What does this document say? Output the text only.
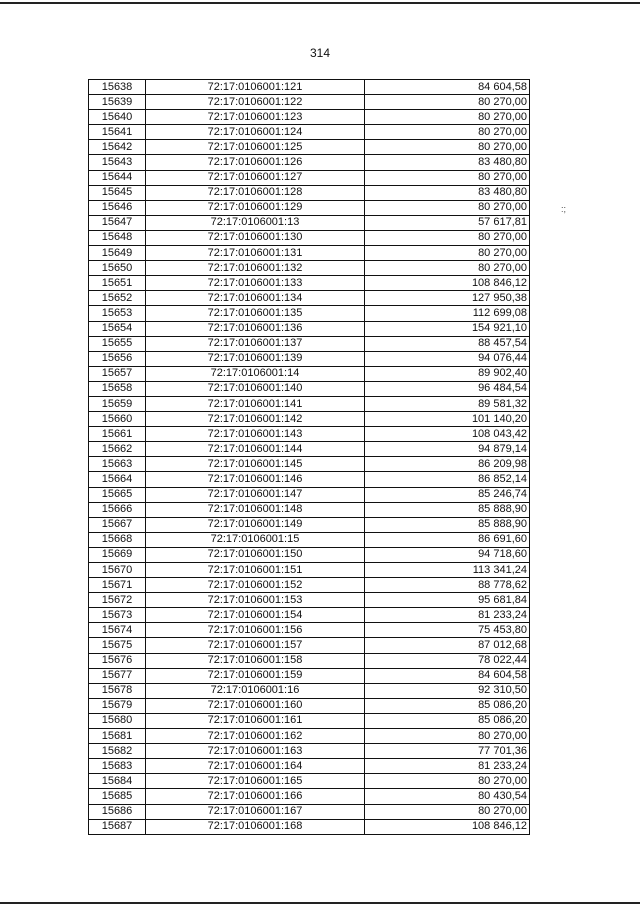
314
:;
15638	72:17:0106001:121	84 604,58
15639	72:17:0106001:122	80 270,00
15640	72:17:0106001:123	80 270,00
15641	72:17:0106001:124	80 270,00
15642	72:17:0106001:125	80 270,00
15643	72:17:0106001:126	83 480,80
15644	72:17:0106001:127	80 270,00
15645	72:17:0106001:128	83 480,80
15646	72:17:0106001:129	80 270,00
15647	72:17:0106001:13	57 617,81
15648	72:17:0106001:130	80 270,00
15649	72:17:0106001:131	80 270,00
15650	72:17:0106001:132	80 270,00
15651	72:17:0106001:133	108 846,12
15652	72:17:0106001:134	127 950,38
15653	72:17:0106001:135	112 699,08
15654	72:17:0106001:136	154 921,10
15655	72:17:0106001:137	88 457,54
15656	72:17:0106001:139	94 076,44
15657	72:17:0106001:14	89 902,40
15658	72:17:0106001:140	96 484,54
15659	72:17:0106001:141	89 581,32
15660	72:17:0106001:142	101 140,20
15661	72:17:0106001:143	108 043,42
15662	72:17:0106001:144	94 879,14
15663	72:17:0106001:145	86 209,98
15664	72:17:0106001:146	86 852,14
15665	72:17:0106001:147	85 246,74
15666	72:17:0106001:148	85 888,90
15667	72:17:0106001:149	85 888,90
15668	72:17:0106001:15	86 691,60
15669	72:17:0106001:150	94 718,60
15670	72:17:0106001:151	113 341,24
15671	72:17:0106001:152	88 778,62
15672	72:17:0106001:153	95 681,84
15673	72:17:0106001:154	81 233,24
15674	72:17:0106001:156	75 453,80
15675	72:17:0106001:157	87 012,68
15676	72:17:0106001:158	78 022,44
15677	72:17:0106001:159	84 604,58
15678	72:17:0106001:16	92 310,50
15679	72:17:0106001:160	85 086,20
15680	72:17:0106001:161	85 086,20
15681	72:17:0106001:162	80 270,00
15682	72:17:0106001:163	77 701,36
15683	72:17:0106001:164	81 233,24
15684	72:17:0106001:165	80 270,00
15685	72:17:0106001:166	80 430,54
15686	72:17:0106001:167	80 270,00
15687	72:17:0106001:168	108 846,12
